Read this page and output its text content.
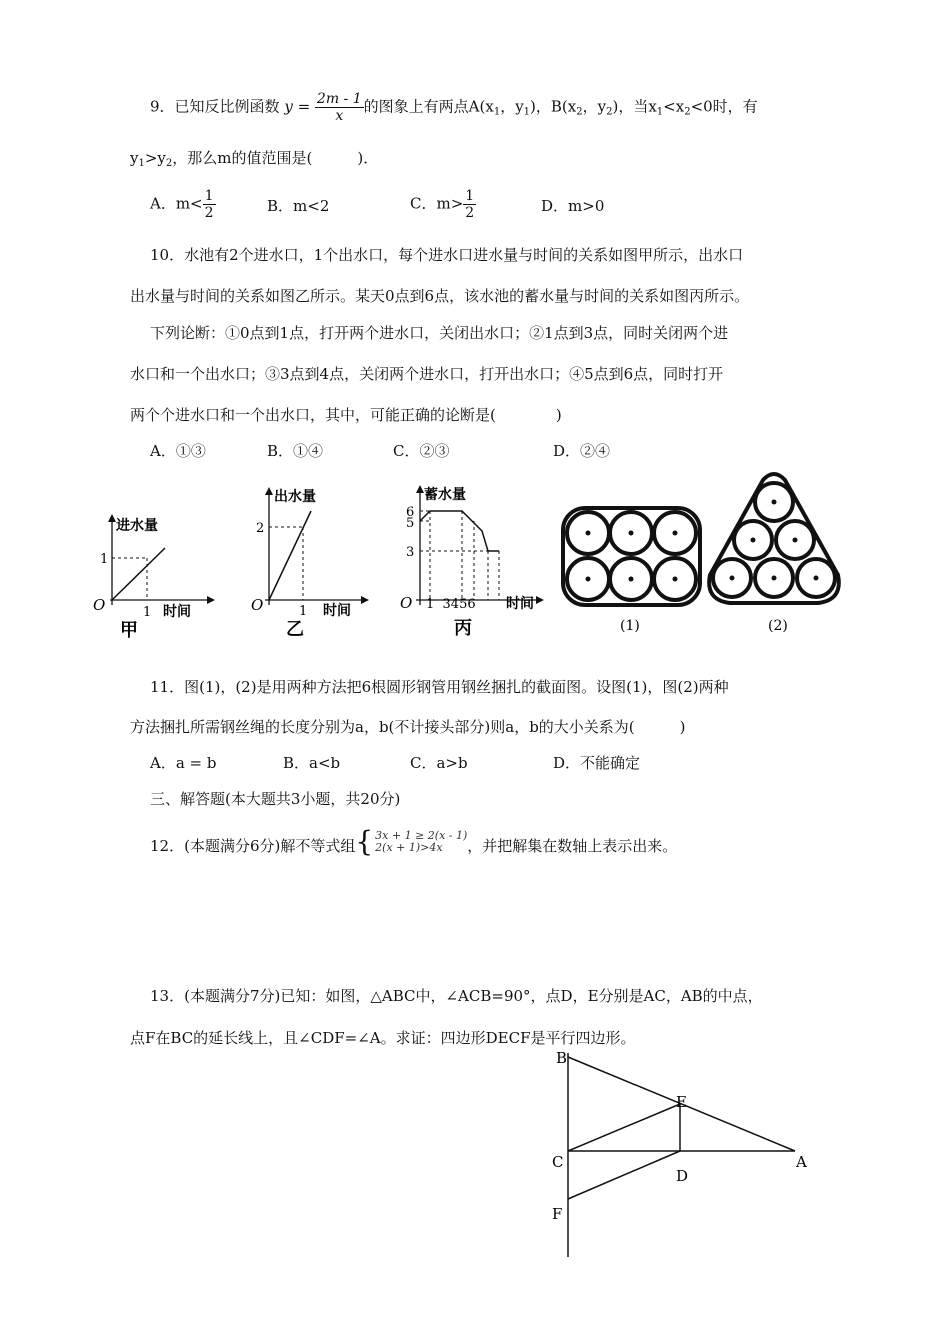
9．已知反比例函数 $y = \frac{2m - 1}{x}$ 的图象上有两点$A(x_1$，$y_1$)，$B(x_2$，$y_2$)，当$x_1<x_2<0$时，有
$y_1>y_2$，那么m的值范围是(　　　)．
A．$m< \frac{1}{2}$	B．m<2	C．$m> \frac{1}{2}$	D．m>0
10．水池有2个进水口，1个出水口，每个进水口进水量与时间的关系如图甲所示，出水口
出水量与时间的关系如图乙所示。某天0点到6点，该水池的蓄水量与时间的关系如图丙所示。
下列论断：①0点到1点，打开两个进水口，关闭出水口；②1点到3点，同时关闭两个进
水口和一个出水口；③3点到4点，关闭两个进水口，打开出水口；④5点到6点，同时打开
两个个进水口和一个出水口，其中，可能正确的论断是(　　　　)
A．①③	B．①④	C．②③	D．②④
进水量
1
1
O	时间
甲
出水量
2
1
O	时间
乙
蓄水量
6
5
3
1  3456
O	时间
丙	(1)	(2)
11．图(1)，(2)是用两种方法把6根圆形钢管用钢丝捆扎的截面图。设图(1)，图(2)两种
方法捆扎所需钢丝绳的长度分别为a，b(不计接头部分)则a，b的大小关系为(　　　)
A．a = b	B．a<b	C．a>b	D．不能确定
三、解答题(本大题共3小题，共20分)
12．(本题满分6分)解不等式组 { 3x + 1 ≥ 2(x - 1)
2(x + 1)>4x	，并把解集在数轴上表示出来。
13．(本题满分7分)已知：如图，△ABC中，∠ACB=90°，点D，E分别是AC，AB的中点，
点F在BC的延长线上，且∠CDF=∠A。求证：四边形DECF是平行四边形。
B
E
C	A
D
F
